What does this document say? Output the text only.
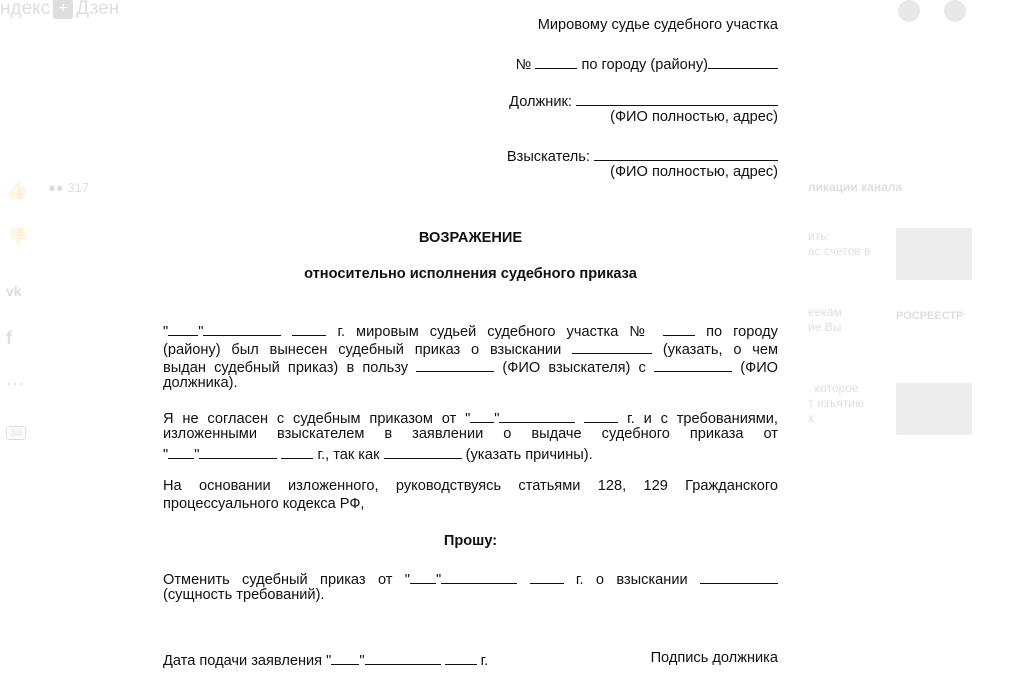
ндекс + Дзен
👍 ●● 317
👎
vk
f
···
30
ликации канала
ить:
ас счетов в
еекам
ие Вы
РОСРЕЕСТР
, которое
т изъятию
х
Мировому судье судебного участка
№	по городу (району)
Должник:
(ФИО полностью, адрес)
Взыскатель:
(ФИО полностью, адрес)
ВОЗРАЖЕНИЕ
относительно исполнения судебного приказа
" "	г. мировым судьей судебного участка №	по городу
(району) был вынесен судебный приказ о взыскании	(указать, о чем
выдан судебный приказ) в пользу	(ФИО взыскателя) с	(ФИО
должника).
Я не согласен с судебным приказом от " "	г. и с требованиями,
изложенными взыскателем в заявлении о выдаче судебного приказа от
" "	г., так как	(указать причины).
На основании изложенного, руководствуясь статьями 128, 129 Гражданского
процессуального кодекса РФ,
Прошу:
Отменить судебный приказ от " "	г. о взыскании
(сущность требований).
Дата подачи заявления " "	г.	Подпись должника
